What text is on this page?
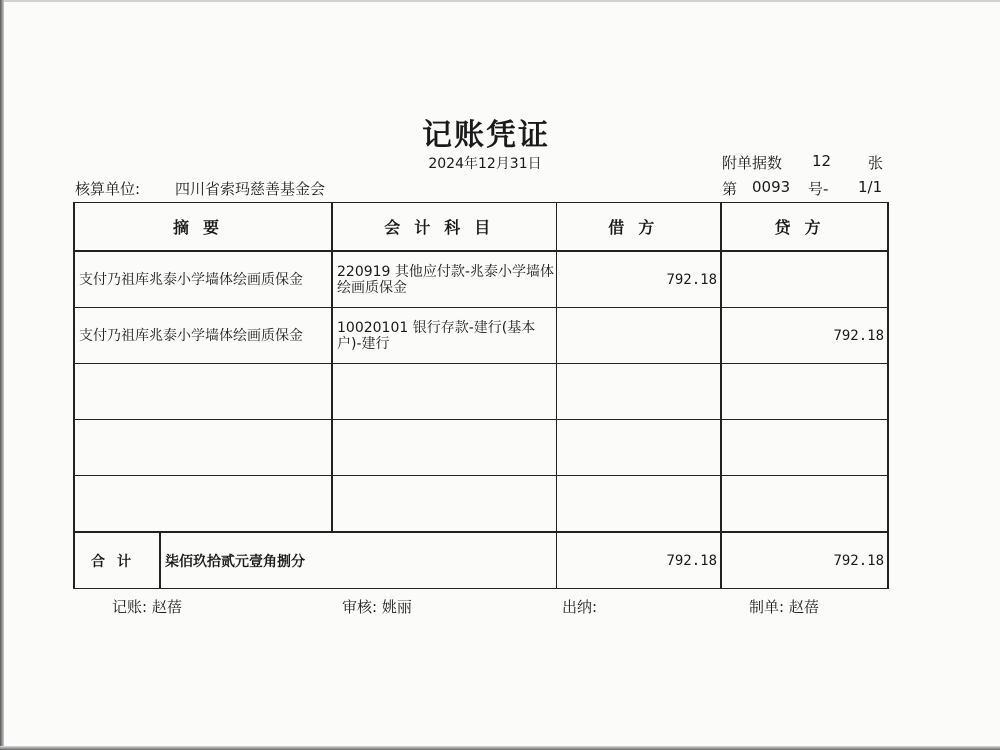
记账凭证
2024年12月31日
核算单位: 四川省索玛慈善基金会
附单据数 12 张
第 0093 号- 1/1
摘要		会计科目	借方	贷方
支付乃祖库兆泰小学墙体绘画质保金		220919 其他应付款-兆泰小学墙体绘画质保金	792.18	
支付乃祖库兆泰小学墙体绘画质保金		10020101 银行存款-建行(基本户)-建行		792.18

合计	柒佰玖拾贰元壹角捌分		792.18	792.18
记账: 赵蓓	审核: 姚丽	出纳:	制单: 赵蓓
